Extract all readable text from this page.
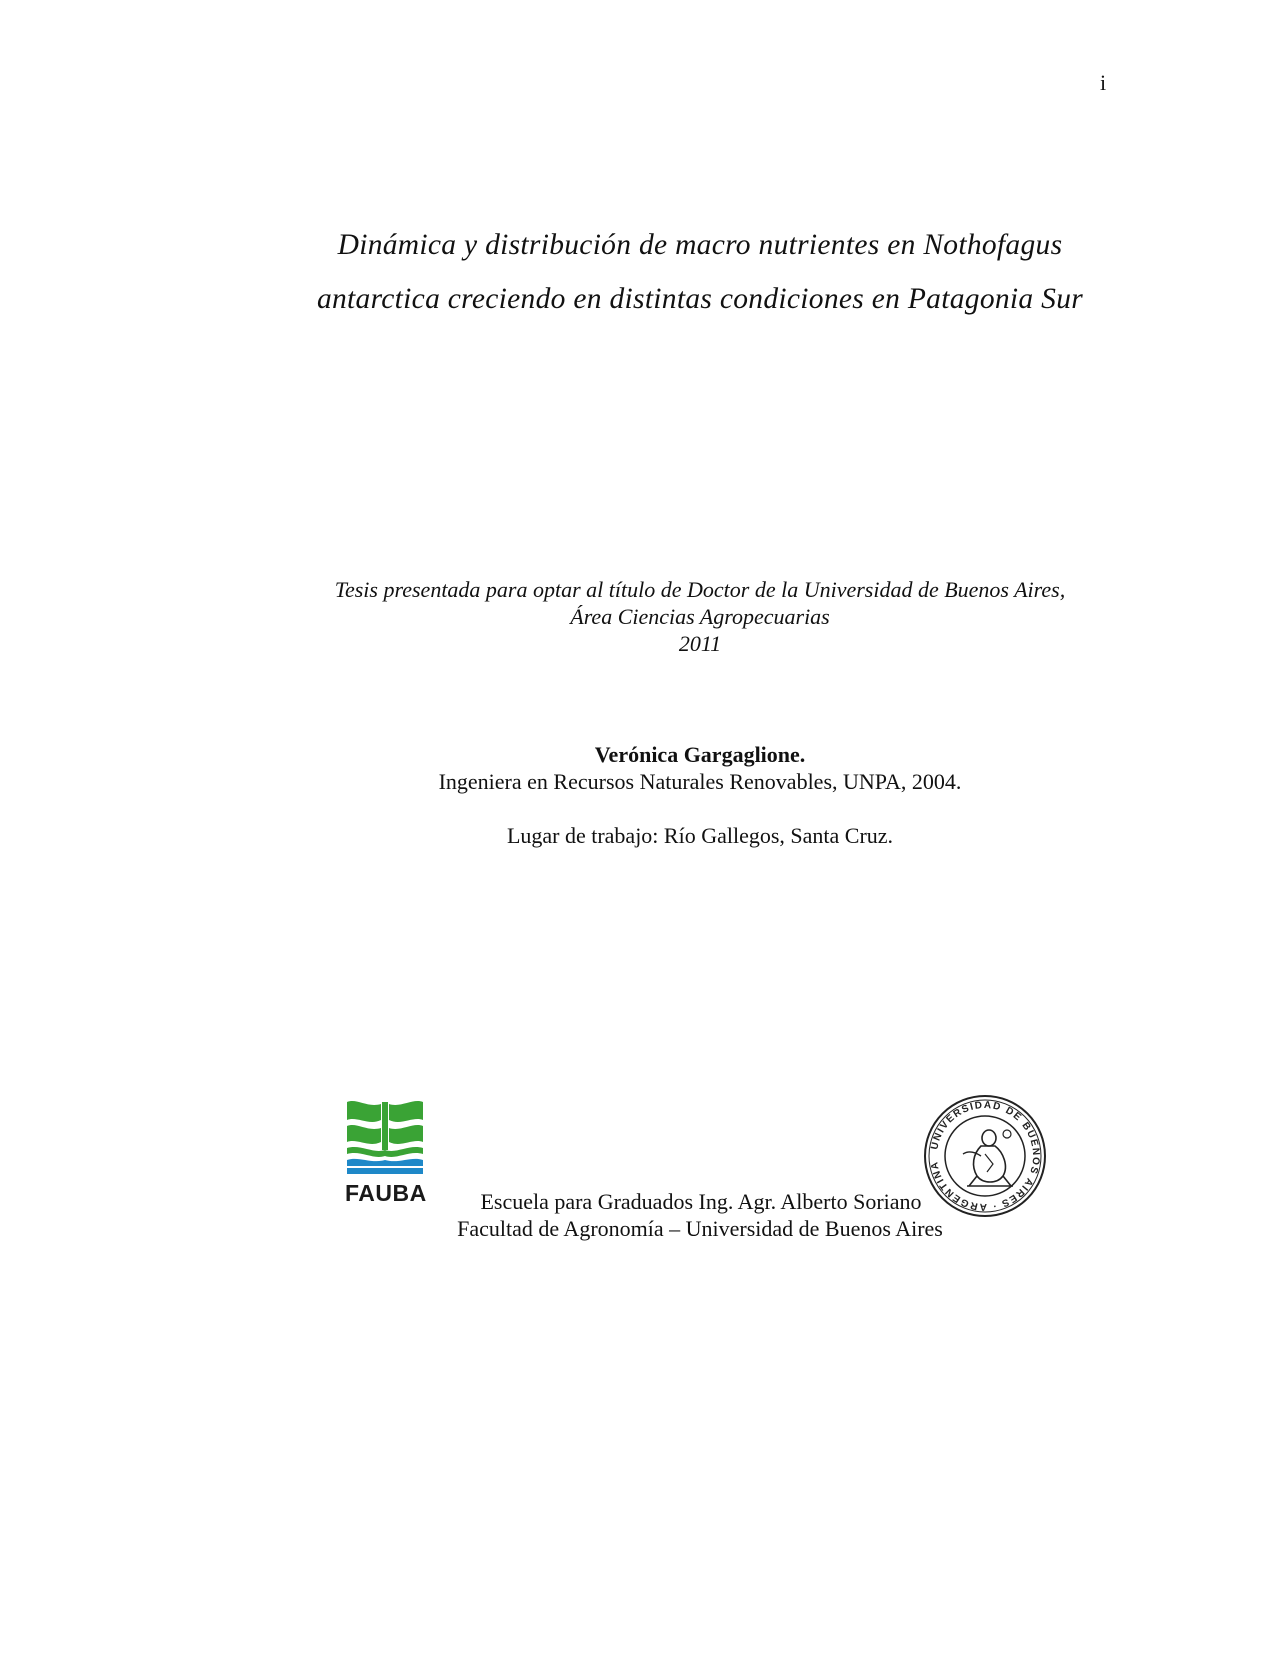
i
Dinámica y distribución de macro nutrientes en Nothofagus
antarctica creciendo en distintas condiciones en Patagonia Sur
Tesis presentada para optar al título de Doctor de la Universidad de Buenos Aires,
Área Ciencias Agropecuarias
2011
Verónica Gargaglione.
Ingeniera en Recursos Naturales Renovables, UNPA, 2004.
Lugar de trabajo: Río Gallegos, Santa Cruz.
FAUBA
UNIVERSIDAD DE BUENOS AIRES · ARGENTINA
Escuela para Graduados Ing. Agr. Alberto Soriano
Facultad de Agronomía – Universidad de Buenos Aires
